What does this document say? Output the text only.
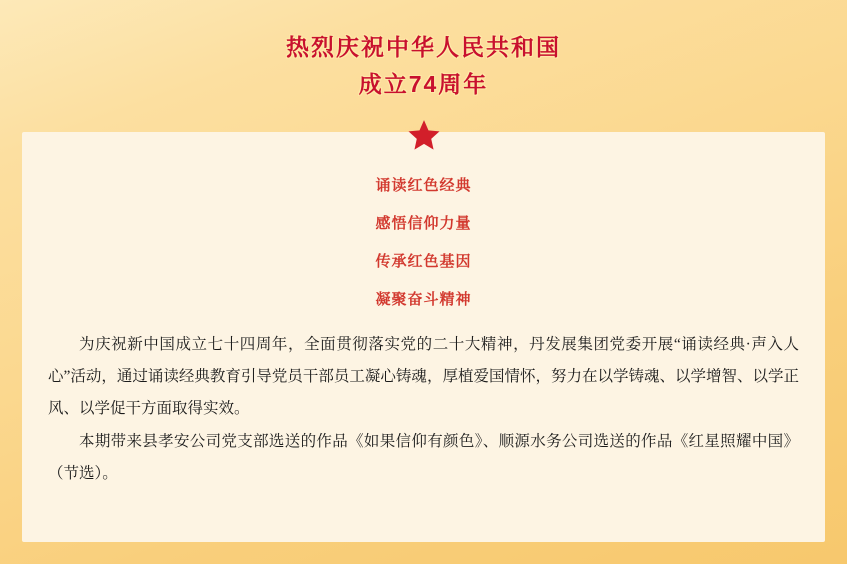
热烈庆祝中华人民共和国
成立74周年
诵读红色经典
感悟信仰力量
传承红色基因
凝聚奋斗精神

为庆祝新中国成立七十四周年，全面贯彻落实党的二十大精神，丹发展集团党委开展“诵读经典·声入人心”活动，通过诵读经典教育引导党员干部员工凝心铸魂，厚植爱国情怀，努力在以学铸魂、以学增智、以学正风、以学促干方面取得实效。

本期带来县孝安公司党支部选送的作品《如果信仰有颜色》、顺源水务公司选送的作品《红星照耀中国》（节选）。
